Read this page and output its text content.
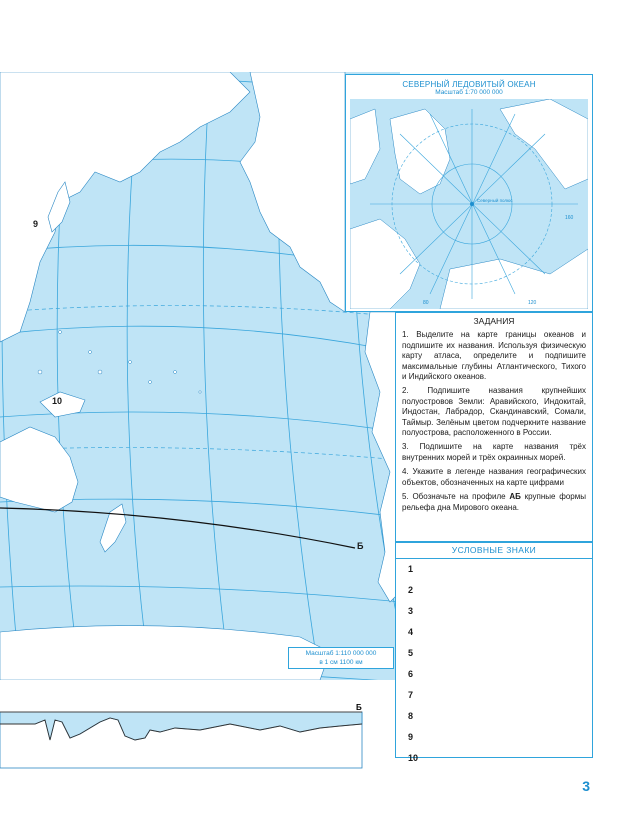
9
10
Б
СЕВЕРНЫЙ ЛЕДОВИТЫЙ ОКЕАН
Масштаб 1:70 000 000
Северный полюс
80	120
160
ЗАДАНИЯ
1. Выделите на карте границы океанов и подпишите их названия. Используя физическую карту атласа, определите и подпишите максимальные глубины Атлантического, Тихого и Индийского океанов.
2. Подпишите названия крупнейших полуостровов Земли: Аравийского, Индокитай, Индостан, Лабрадор, Скандинавский, Сомали, Таймыр. Зелёным цветом подчеркните название полуострова, расположенного в России.
3. Подпишите на карте названия трёх внутренних морей и трёх окраинных морей.
4. Укажите в легенде названия географических объектов, обозначенных на карте цифрами
5. Обозначьте на профиле АБ крупные формы рельефа дна Мирового океана.
УСЛОВНЫЕ ЗНАКИ
1
2
3
4
5
6
7
8
9
10
Масштаб 1:110 000 000
в 1 см 1100 км
Б
3
